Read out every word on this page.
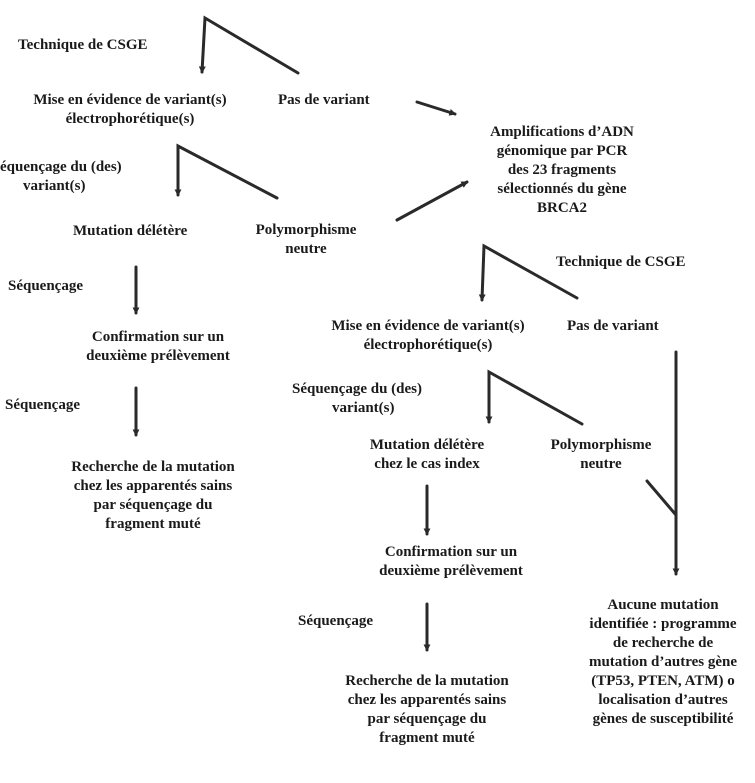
Technique de CSGE
Mise en évidence de variant(s)
électrophorétique(s)
Pas de variant
équençage du (des)
variant(s)
Mutation délétère	Polymorphisme
neutre
Séquençage
Confirmation sur un
deuxième prélèvement
Séquençage
Recherche de la mutation
chez les apparentés sains
par séquençage du
fragment muté
Amplifications d’ADN
génomique par PCR
des 23 fragments
sélectionnés du gène
BRCA2
Technique de CSGE
Mise en évidence de variant(s)
électrophorétique(s)
Pas de variant
Séquençage du (des)
variant(s)
Mutation délétère
chez le cas index
Polymorphisme
neutre
Confirmation sur un
deuxième prélèvement
Séquençage
Recherche de la mutation
chez les apparentés sains
par séquençage du
fragment muté
Aucune mutation
identifiée : programme
de recherche de
mutation d’autres gène
(TP53, PTEN, ATM) o
localisation d’autres
gènes de susceptibilité
